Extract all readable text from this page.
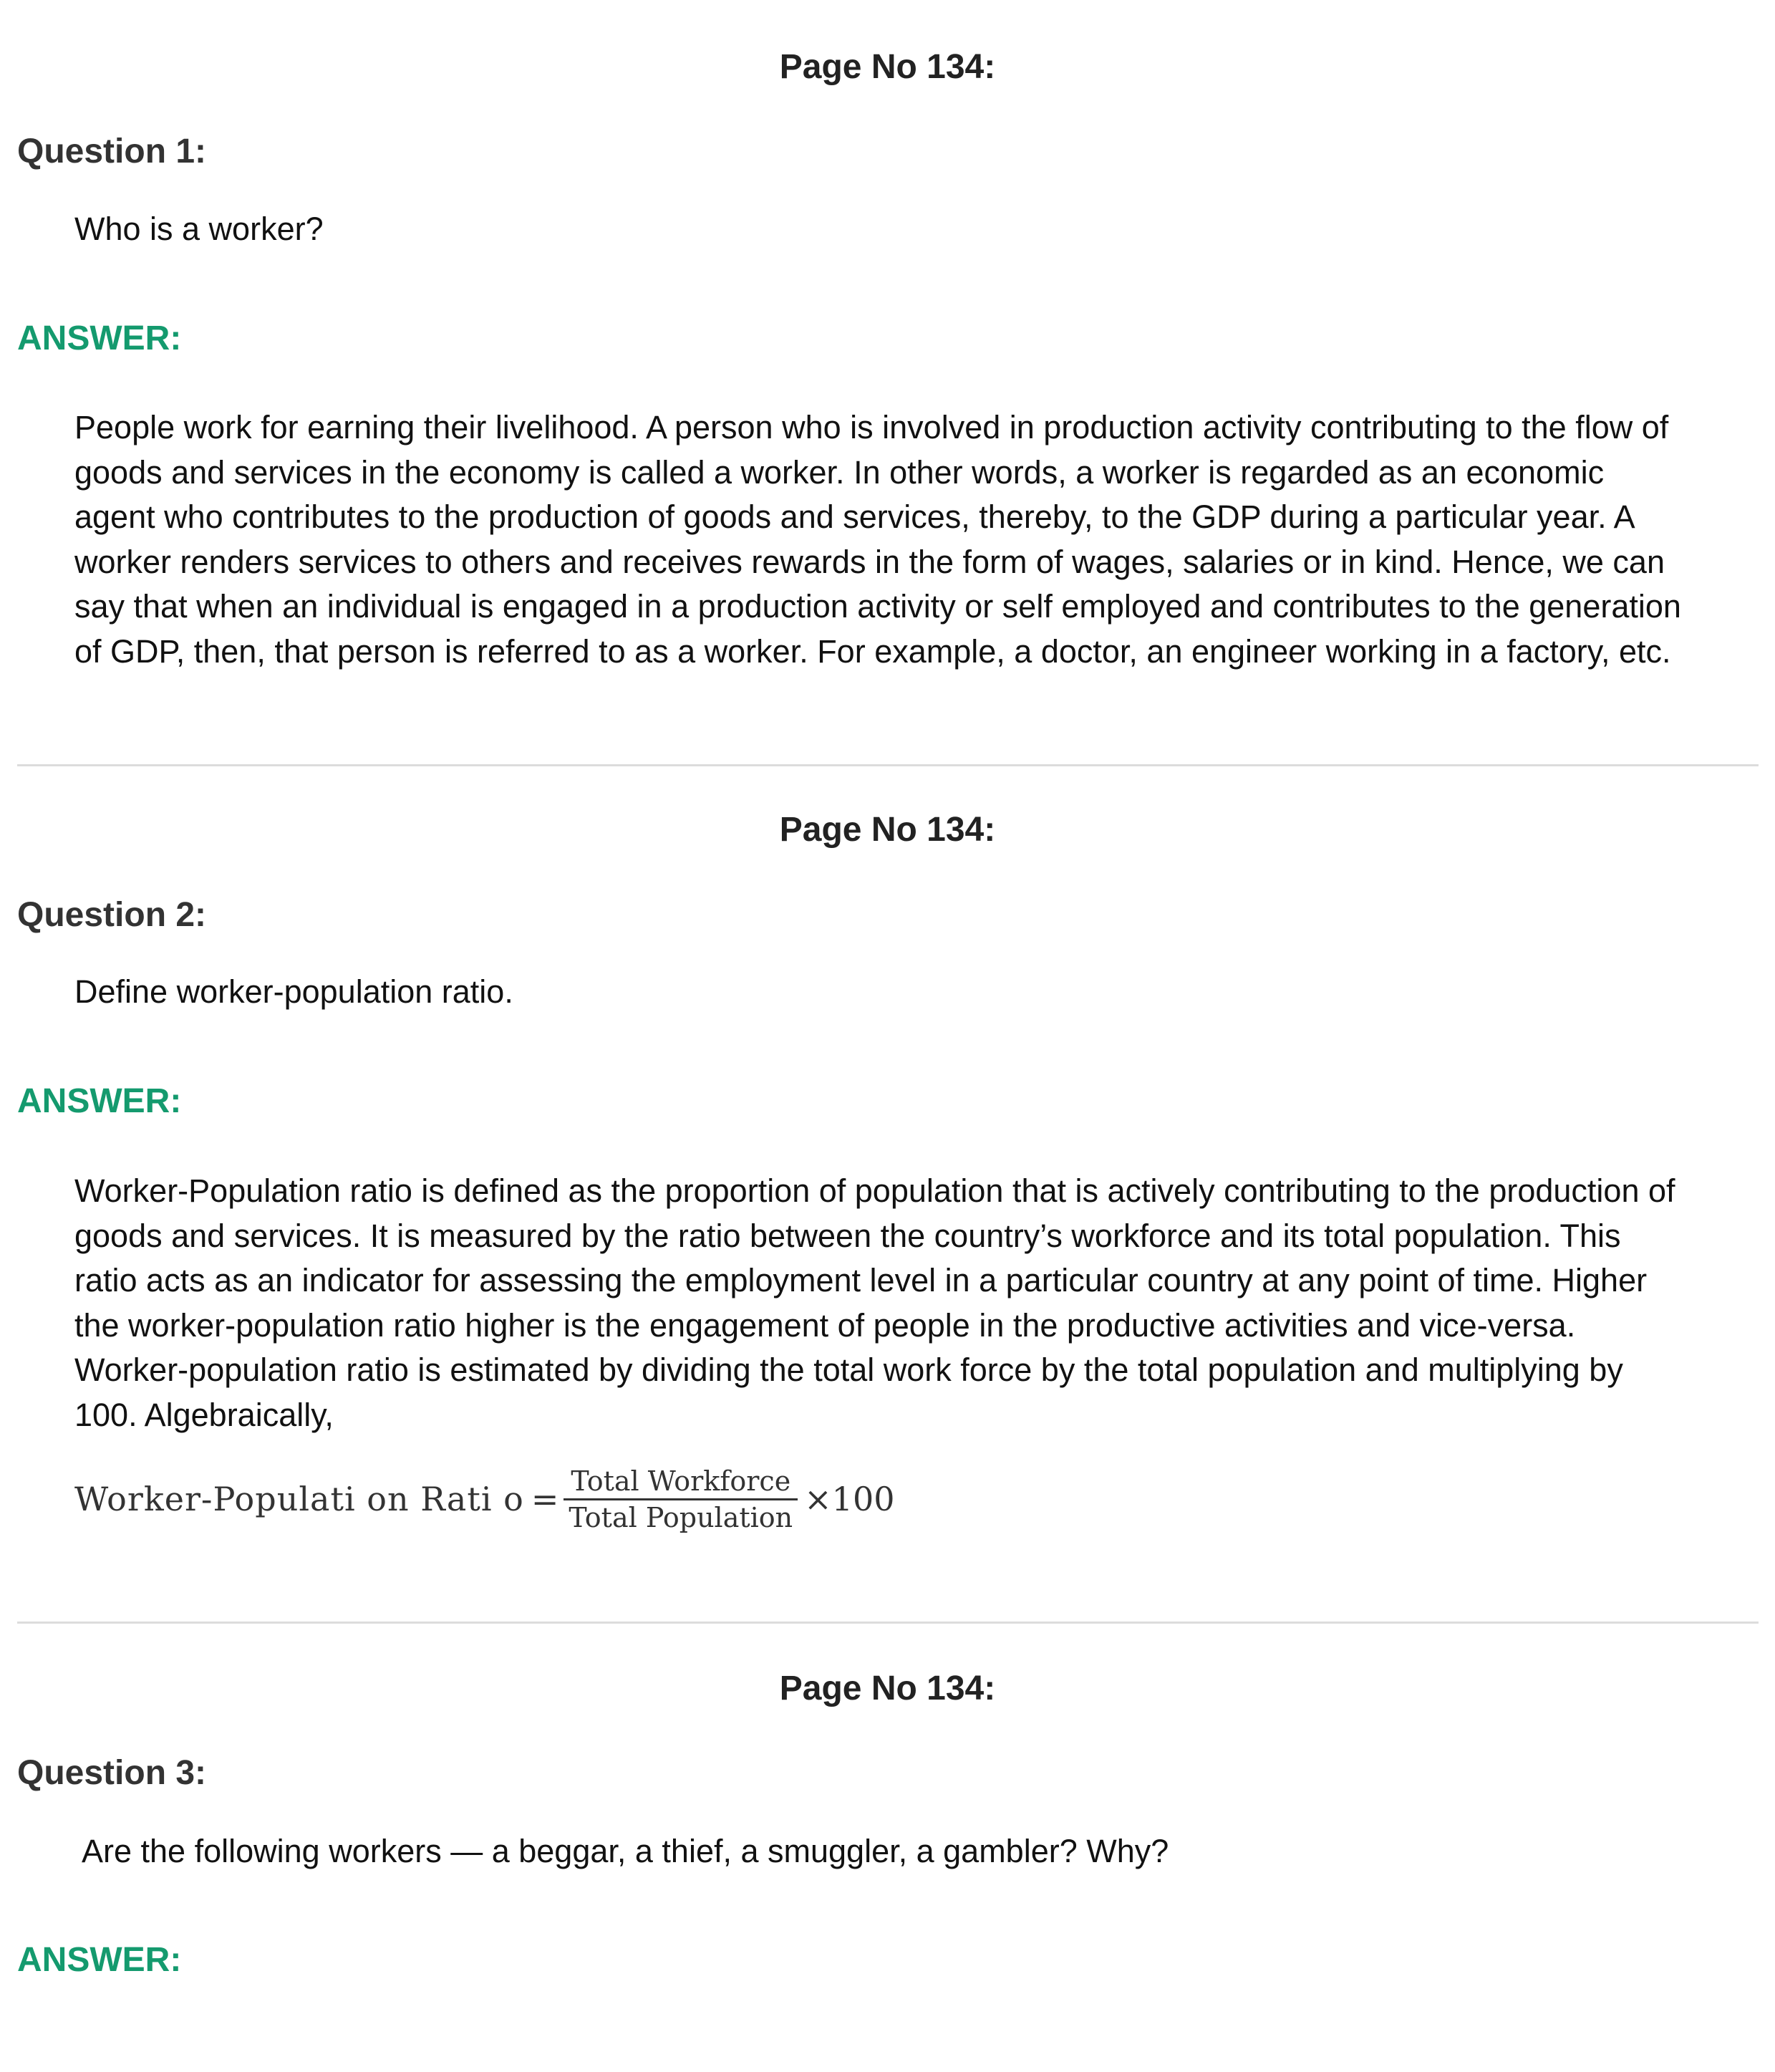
Page No 134:
Question 1:
Who is a worker?
ANSWER:
People work for earning their livelihood. A person who is involved in production activity contributing to the flow of
goods and services in the economy is called a worker. In other words, a worker is regarded as an economic
agent who contributes to the production of goods and services, thereby, to the GDP during a particular year. A
worker renders services to others and receives rewards in the form of wages, salaries or in kind. Hence, we can
say that when an individual is engaged in a production activity or self employed and contributes to the generation
of GDP, then, that person is referred to as a worker. For example, a doctor, an engineer working in a factory, etc.
Page No 134:
Question 2:
Define worker-population ratio.
ANSWER:
Worker-Population ratio is defined as the proportion of population that is actively contributing to the production of
goods and services. It is measured by the ratio between the country’s workforce and its total population. This
ratio acts as an indicator for assessing the employment level in a particular country at any point of time. Higher
the worker-population ratio higher is the engagement of people in the productive activities and vice-versa.
Worker-population ratio is estimated by dividing the total work force by the total population and multiplying by
100. Algebraically,
Worker-Populati on Rati $o = \frac{\text{Total Workforce}}{\text{Total Population}} \times 100$
Page No 134:
Question 3:
Are the following workers — a beggar, a thief, a smuggler, a gambler? Why?
ANSWER:
